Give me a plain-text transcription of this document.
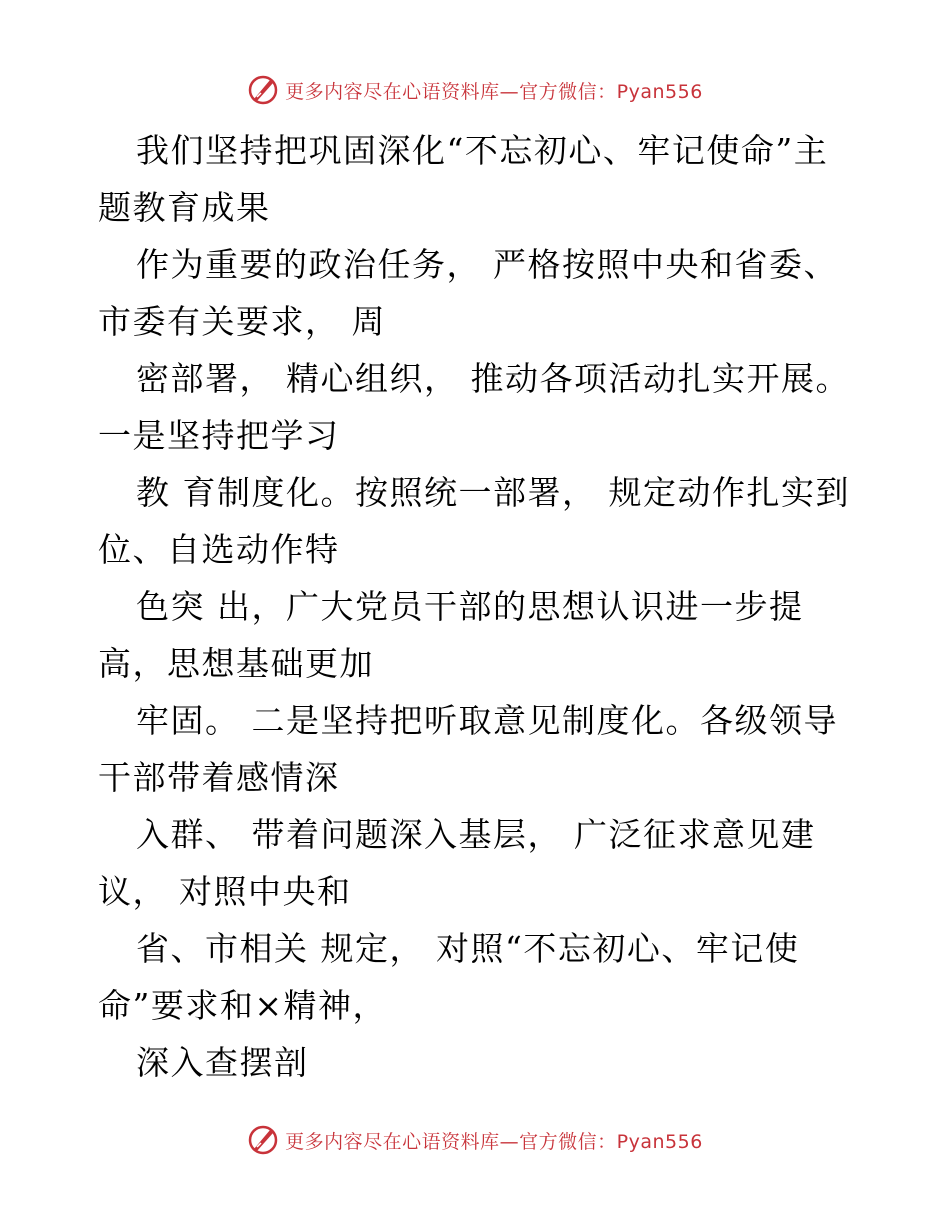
更多内容尽在心语资料库—官方微信：Pyan556

我们坚持把巩固深化“不忘初心、牢记使命”主
题教育成果

作为重要的政治任务， 严格按照中央和省委、
市委有关要求， 周

密部署， 精心组织， 推动各项活动扎实开展。
一是坚持把学习

教 育制度化。按照统一部署， 规定动作扎实到
位、自选动作特

色突 出，广大党员干部的思想认识进一步提
高，思想基础更加

牢固。 二是坚持把听取意见制度化。各级领导
干部带着感情深

入群、 带着问题深入基层， 广泛征求意见建
议， 对照中央和

省、市相关 规定， 对照“不忘初心、牢记使
命”要求和×精神，

深入查摆剖

更多内容尽在心语资料库—官方微信：Pyan556
